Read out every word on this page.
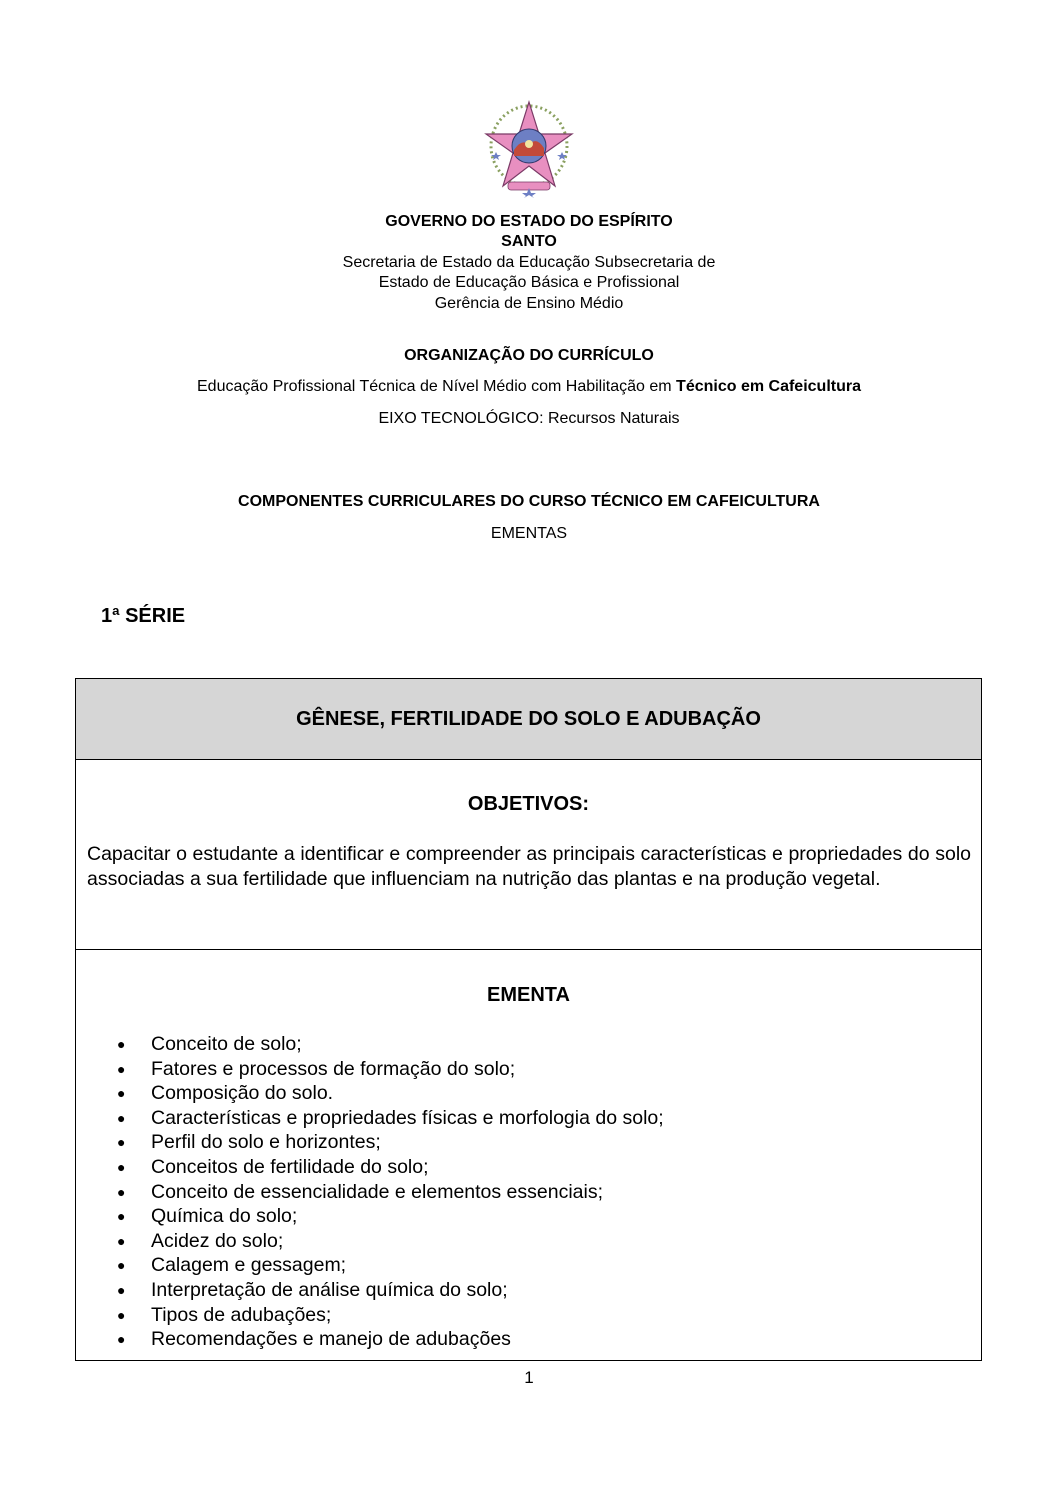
GOVERNO DO ESTADO DO ESPÍRITO
SANTO
Secretaria de Estado da Educação Subsecretaria de
Estado de Educação Básica e Profissional
Gerência de Ensino Médio
ORGANIZAÇÃO DO CURRÍCULO
Educação Profissional Técnica de Nível Médio com Habilitação em Técnico em Cafeicultura
EIXO TECNOLÓGICO: Recursos Naturais
COMPONENTES CURRICULARES DO CURSO TÉCNICO EM CAFEICULTURA
EMENTAS
1ª SÉRIE
GÊNESE, FERTILIDADE DO SOLO E ADUBAÇÃO
OBJETIVOS:
Capacitar o estudante a identificar e compreender as principais características e propriedades do solo associadas a sua fertilidade que influenciam na nutrição das plantas e na produção vegetal.
EMENTA
● Conceito de solo;
● Fatores e processos de formação do solo;
● Composição do solo.
● Características e propriedades físicas e morfologia do solo;
● Perfil do solo e horizontes;
● Conceitos de fertilidade do solo;
● Conceito de essencialidade e elementos essenciais;
● Química do solo;
● Acidez do solo;
● Calagem e gessagem;
● Interpretação de análise química do solo;
● Tipos de adubações;
● Recomendações e manejo de adubações
1
